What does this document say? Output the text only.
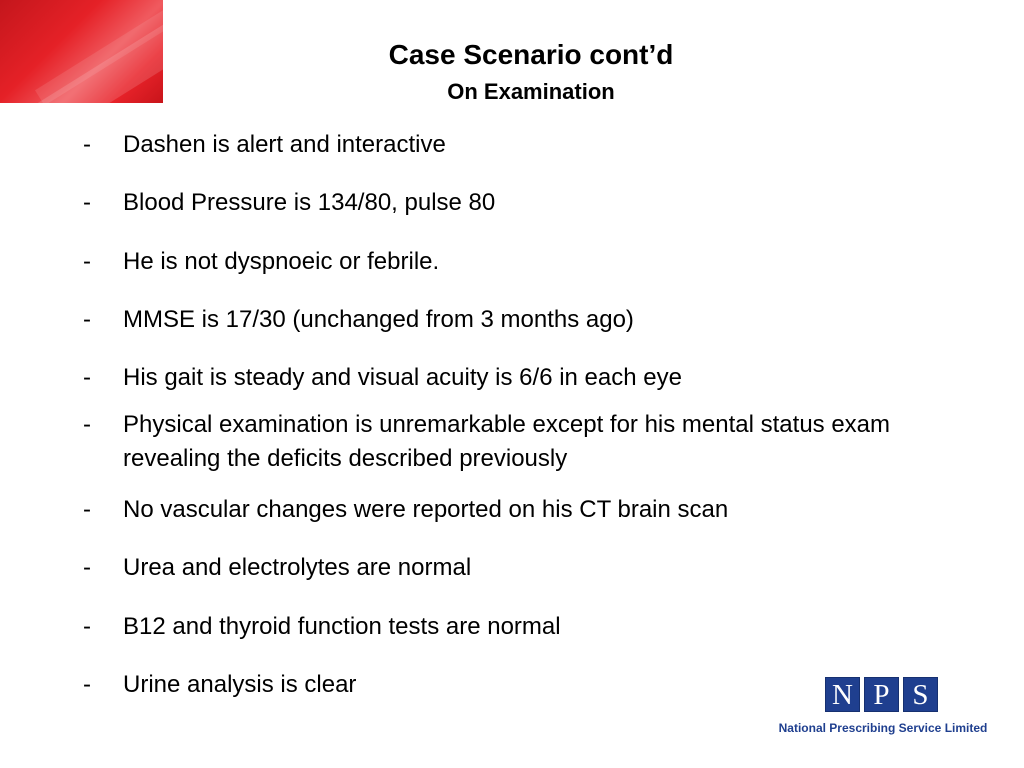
Case Scenario cont’d
On Examination
-	Dashen is alert and interactive
-	Blood Pressure is 134/80, pulse 80
-	He is not dyspnoeic or febrile.
-	MMSE is 17/30 (unchanged from 3 months ago)
-	His gait is steady and visual acuity is 6/6 in each eye
-	Physical examination is unremarkable except for his mental status exam revealing the deficits described previously
-	No vascular changes were reported on his CT brain scan
-	Urea and electrolytes are normal
-	B12 and thyroid function tests are normal
-	Urine analysis is clear	N P S
National Prescribing Service Limited
